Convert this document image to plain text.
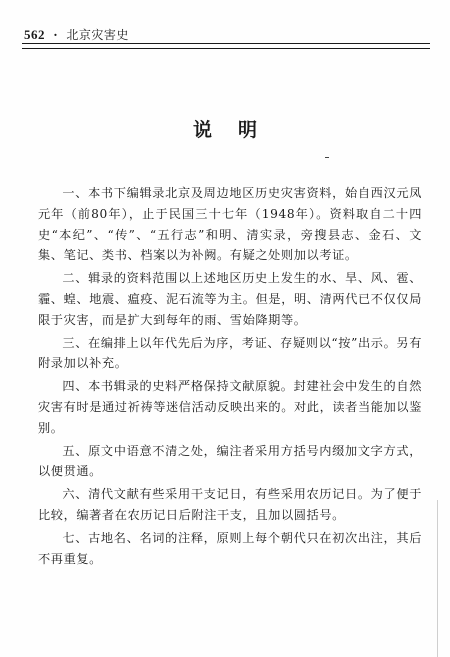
562 · 北京灾害史
说明

一、本书下编辑录北京及周边地区历史灾害资料，始自西汉元凤元年（前80年），止于民国三十七年（1948年）。资料取自二十四史“本纪”、“传”、“五行志”和明、清实录，旁搜县志、金石、文集、笔记、类书、档案以为补阙。有疑之处则加以考证。

二、辑录的资料范围以上述地区历史上发生的水、旱、风、雹、霾、蝗、地震、瘟疫、泥石流等为主。但是，明、清两代已不仅仅局限于灾害，而是扩大到每年的雨、雪始降期等。

三、在编排上以年代先后为序，考证、存疑则以“按”出示。另有附录加以补充。

四、本书辑录的史料严格保持文献原貌。封建社会中发生的自然灾害有时是通过祈祷等迷信活动反映出来的。对此，读者当能加以鉴别。

五、原文中语意不清之处，编注者采用方括号内缀加文字方式，以便贯通。

六、清代文献有些采用干支记日，有些采用农历记日。为了便于比较，编著者在农历记日后附注干支，且加以圆括号。

七、古地名、名词的注释，原则上每个朝代只在初次出注，其后不再重复。
